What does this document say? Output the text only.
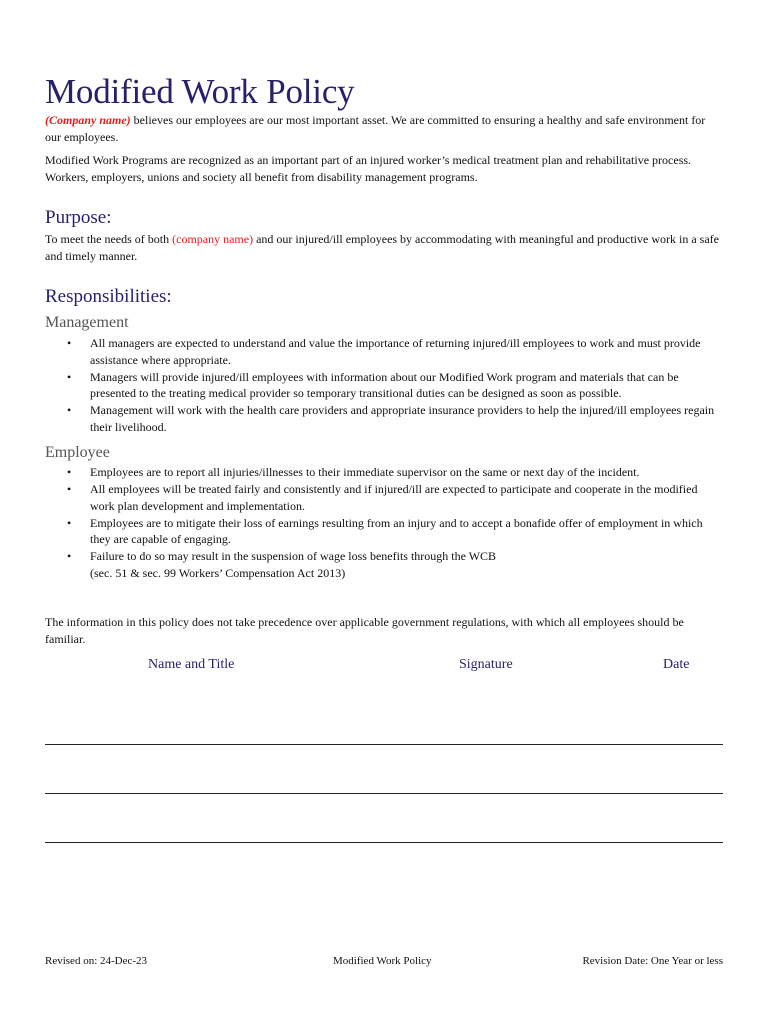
Modified Work Policy

(Company name) believes our employees are our most important asset. We are committed to ensuring a healthy and safe environment for our employees.

Modified Work Programs are recognized as an important part of an injured worker’s medical treatment plan and rehabilitative process. Workers, employers, unions and society all benefit from disability management programs.

Purpose:

To meet the needs of both (company name) and our injured/ill employees by accommodating with meaningful and productive work in a safe and timely manner.

Responsibilities:
Management
• All managers are expected to understand and value the importance of returning injured/ill employees to work and must provide assistance where appropriate.
• Managers will provide injured/ill employees with information about our Modified Work program and materials that can be presented to the treating medical provider so temporary transitional duties can be designed as soon as possible.
• Management will work with the health care providers and appropriate insurance providers to help the injured/ill employees regain their livelihood.
Employee
• Employees are to report all injuries/illnesses to their immediate supervisor on the same or next day of the incident.
• All employees will be treated fairly and consistently and if injured/ill are expected to participate and cooperate in the modified work plan development and implementation.
• Employees are to mitigate their loss of earnings resulting from an injury and to accept a bonafide offer of employment in which they are capable of engaging.
• Failure to do so may result in the suspension of wage loss benefits through the WCB
(sec. 51 & sec. 99 Workers’ Compensation Act 2013)

The information in this policy does not take precedence over applicable government regulations, with which all employees should be familiar.

Name and Title	Signature	Date
Revised on: 24-Dec-23	Modified Work Policy	Revision Date: One Year or less
